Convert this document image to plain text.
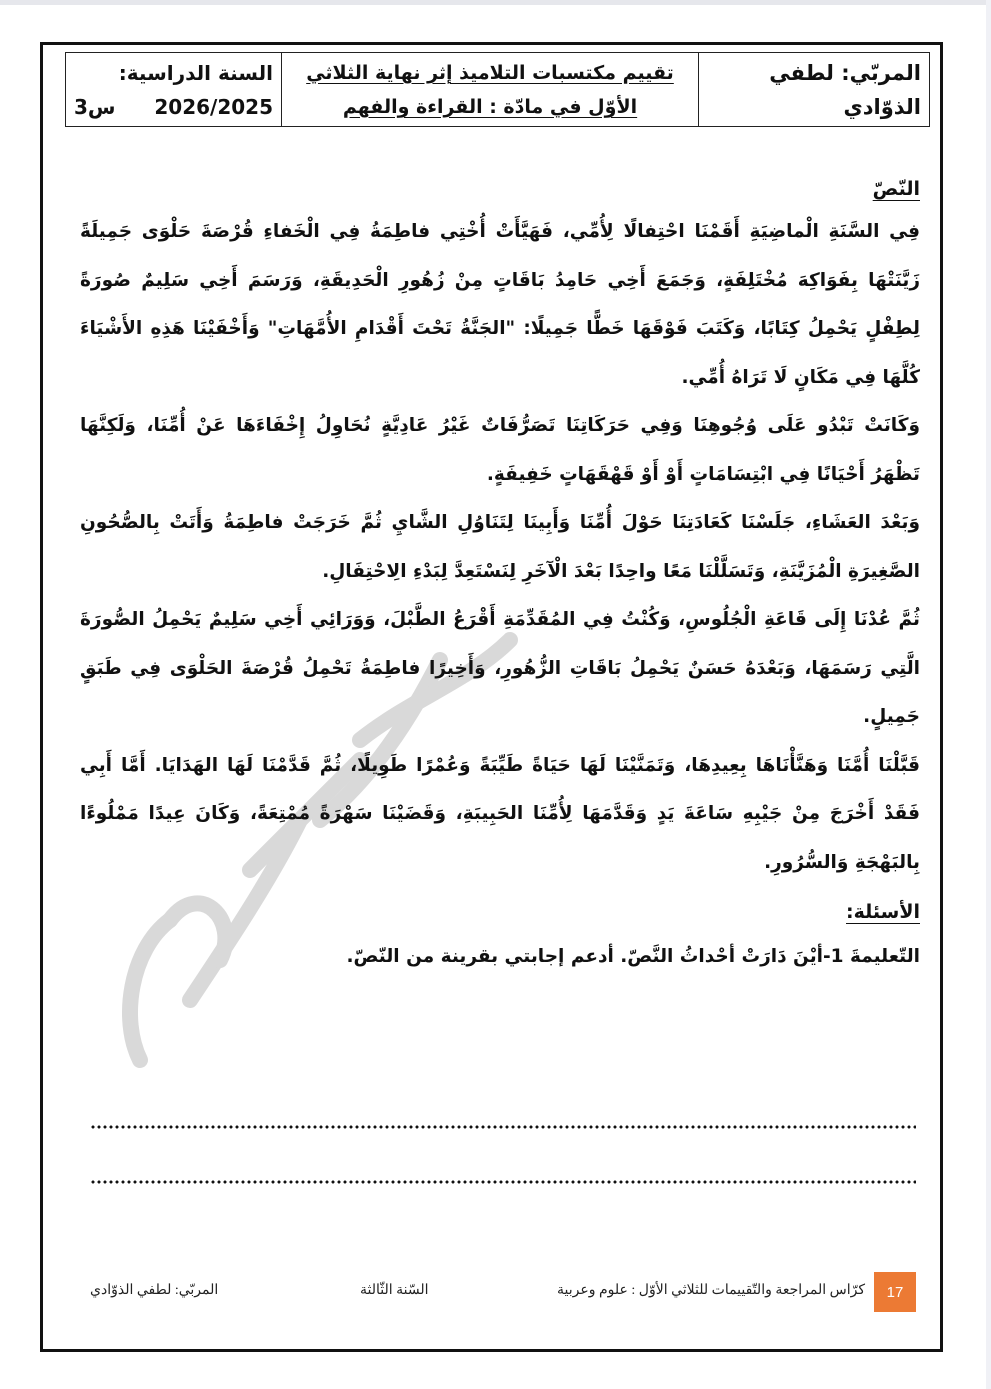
المربّي: لطفي الذوّادي
تقييم مكتسبات التلاميذ إثر نهاية الثلاثي
الأوّل في مادّة : القراءة والفهم
السنة الدراسية:
2026/2025
س3
النّصّ

فِي السَّنَةِ الْماضِيَةِ أَقَمْنَا احْتِفالًا لِأُمِّي، فَهَيَّأَتْ أُخْتِي فاطِمَةُ فِي الْخَفاءِ قُرْصَةَ حَلْوَى جَمِيلَةً زَيَّنَتْهَا بِفَوَاكِهَ مُخْتَلِفَةٍ، وَجَمَعَ أَخِي حَامِدُ بَاقَاتٍ مِنْ زُهُورِ الْحَدِيقَةِ، وَرَسَمَ أَخِي سَلِيمٌ صُورَةً لِطِفْلٍ يَحْمِلُ كِتَابًا، وَكَتَبَ فَوْقَهَا خَطًّا جَمِيلًا: "الجَنَّةُ تَحْتَ أَقْدَامِ الأُمَّهَاتِ" وَأَخْفَيْنَا هَذِهِ الأَشْيَاءَ كُلَّهَا فِي مَكَانٍ لَا تَرَاهُ أُمِّي.

وَكَانَتْ تَبْدُو عَلَى وُجُوهِنَا وَفِي حَرَكَاتِنَا تَصَرُّفَاتٌ غَيْرُ عَادِيَّةٍ نُحَاوِلُ إِخْفَاءَهَا عَنْ أُمِّنَا، وَلَكِنَّهَا تَظْهَرُ أَحْيَانًا فِي ابْتِسَامَاتٍ أَوْ أَوْ قَهْقَهَاتٍ خَفِيفَةٍ.

وَبَعْدَ العَشَاءِ، جَلَسْنَا كَعَادَتِنَا حَوْلَ أُمِّنَا وَأَبِينَا لِتَنَاوُلِ الشَّايِ ثُمَّ خَرَجَتْ فاطِمَةُ وَأَتَتْ بِالصُّحُونِ الصَّغِيرَةِ الْمُزَيَّنَةِ، وَتَسَلَّلْنَا مَعًا واحِدًا بَعْدَ الْآخَرِ لِنَسْتَعِدَّ لِبَدْءِ الِاحْتِفَالِ.

ثُمَّ عُدْنَا إِلَى قَاعَةِ الْجُلُوسِ، وَكُنْتُ فِي المُقَدِّمَةِ أَقْرَعُ الطَّبْلَ، وَوَرَائِي أَخِي سَلِيمٌ يَحْمِلُ الصُّورَةَ الَّتِي رَسَمَهَا، وَبَعْدَهُ حَسَنٌ يَحْمِلُ بَاقَاتِ الزُّهُورِ، وَأَخِيرًا فاطِمَةُ تَحْمِلُ قُرْصَةَ الحَلْوَى فِي طَبَقٍ جَمِيلٍ.

قَبَّلْنَا أُمَّنَا وَهَنَّأْنَاهَا بِعِيدِهَا، وَتَمَنَّيْنَا لَهَا حَيَاةً طَيِّبَةً وَعُمْرًا طَوِيلًا، ثُمَّ قَدَّمْنَا لَهَا الهَدَايَا. أَمَّا أَبِي فَقَدْ أَخْرَجَ مِنْ جَيْبِهِ سَاعَةَ يَدٍ وَقَدَّمَهَا لِأُمِّنَا الحَبِيبَةِ، وَقَضَيْنَا سَهْرَةً مُمْتِعَةً، وَكَانَ عِيدًا مَمْلُوءًا بِالبَهْجَةِ وَالسُّرُورِ.

الأسئلة:
التّعليمةَ 1-أيْنَ دَارَتْ أحْداثُ النَّصّ. أدعم إجابتي بقرينة من النّصّ.
17
كرّاس المراجعة والتّقييمات للثلاثي الأوّل : علوم وعربية
السّنة الثّالثة
المربّي: لطفي الذوّادي
